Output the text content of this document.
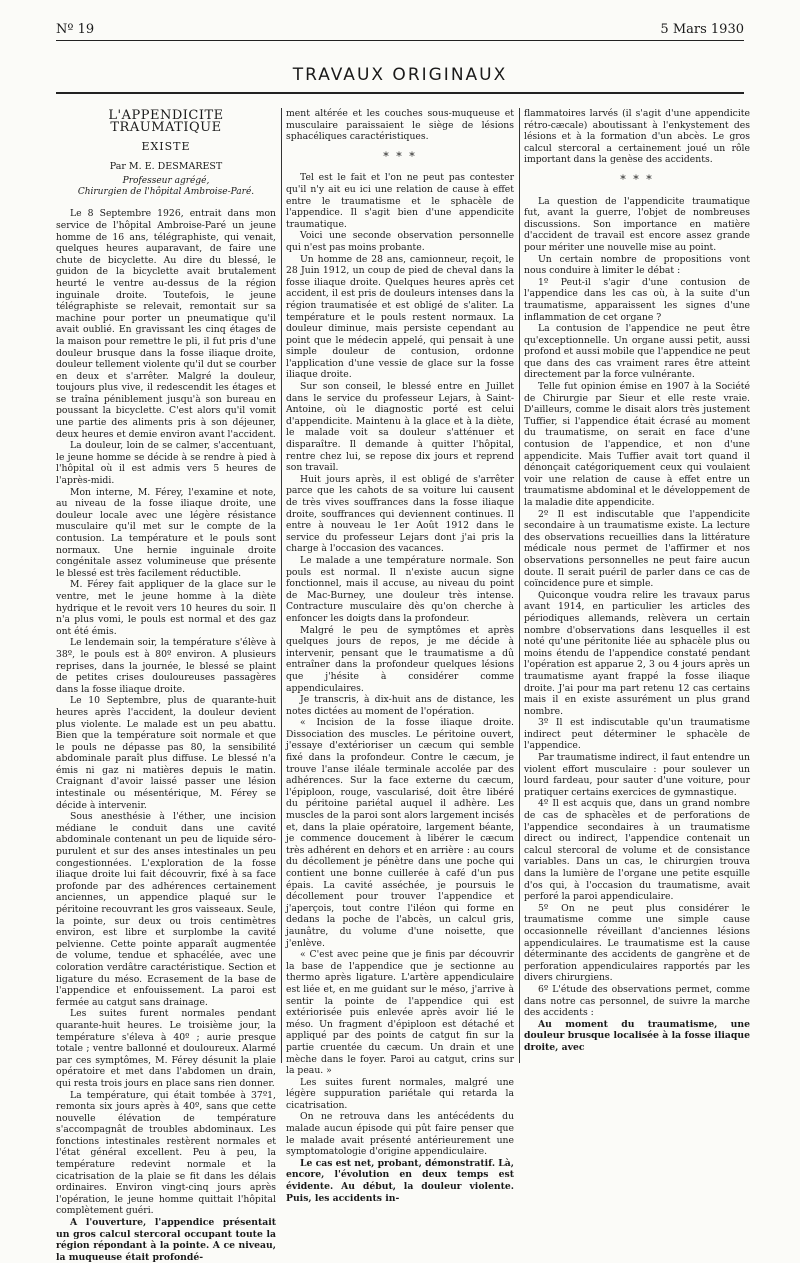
Nº 19	5 Mars 1930
TRAVAUX ORIGINAUX
L'APPENDICITE TRAUMATIQUE
EXISTE
Par M. E. DESMAREST
Professeur agrégé,
Chirurgien de l'hôpital Ambroise-Paré.

Le 8 Septembre 1926, entrait dans mon service de l'hôpital Ambroise-Paré un jeune homme de 16 ans, télégraphiste, qui venait, quelques heures auparavant, de faire une chute de bicyclette. Au dire du blessé, le guidon de la bicyclette avait brutalement heurté le ventre au-dessus de la région inguinale droite. Toutefois, le jeune télégraphiste se relevait, remontait sur sa machine pour porter un pneumatique qu'il avait oublié. En gravissant les cinq étages de la maison pour remettre le pli, il fut pris d'une douleur brusque dans la fosse iliaque droite, douleur tellement violente qu'il dut se courber en deux et s'arrêter. Malgré la douleur, toujours plus vive, il redescendit les étages et se traîna péniblement jusqu'à son bureau en poussant la bicyclette. C'est alors qu'il vomit une partie des aliments pris à son déjeuner, deux heures et demie environ avant l'accident.

La douleur, loin de se calmer, s'accentuant, le jeune homme se décide à se rendre à pied à l'hôpital où il est admis vers 5 heures de l'après-midi.

Mon interne, M. Férey, l'examine et note, au niveau de la fosse iliaque droite, une douleur locale avec une légère résistance musculaire qu'il met sur le compte de la contusion. La température et le pouls sont normaux. Une hernie inguinale droite congénitale assez volumineuse que présente le blessé est très facilement réductible.

M. Férey fait appliquer de la glace sur le ventre, met le jeune homme à la diète hydrique et le revoit vers 10 heures du soir. Il n'a plus vomi, le pouls est normal et des gaz ont été émis.

Le lendemain soir, la température s'élève à 38º, le pouls est à 80º environ. A plusieurs reprises, dans la journée, le blessé se plaint de petites crises douloureuses passagères dans la fosse iliaque droite.

Le 10 Septembre, plus de quarante-huit heures après l'accident, la douleur devient plus violente. Le malade est un peu abattu. Bien que la température soit normale et que le pouls ne dépasse pas 80, la sensibilité abdominale paraît plus diffuse. Le blessé n'a émis ni gaz ni matières depuis le matin. Craignant d'avoir laissé passer une lésion intestinale ou mésentérique, M. Férey se décide à intervenir.

Sous anesthésie à l'éther, une incision médiane le conduit dans une cavité abdominale contenant un peu de liquide séro-purulent et sur des anses intestinales un peu congestionnées. L'exploration de la fosse iliaque droite lui fait découvrir, fixé à sa face profonde par des adhérences certainement anciennes, un appendice plaqué sur le péritoine recouvrant les gros vaisseaux. Seule, la pointe, sur deux ou trois centimètres environ, est libre et surplombe la cavité pelvienne. Cette pointe apparaît augmentée de volume, tendue et sphacélée, avec une coloration verdâtre caractéristique. Section et ligature du méso. Ecrasement de la base de l'appendice et enfouissement. La paroi est fermée au catgut sans drainage.

Les suites furent normales pendant quarante-huit heures. Le troisième jour, la température s'éleva à 40º ; aurie presque totale ; ventre ballonné et douloureux. Alarmé par ces symptômes, M. Férey désunit la plaie opératoire et met dans l'abdomen un drain, qui resta trois jours en place sans rien donner.

La température, qui était tombée à 37º1, remonta six jours après à 40º, sans que cette nouvelle élévation de température s'accompagnât de troubles abdominaux. Les fonctions intestinales restèrent normales et l'état général excellent. Peu à peu, la température redevint normale et la cicatrisation de la plaie se fit dans les délais ordinaires. Environ vingt-cinq jours après l'opération, le jeune homme quittait l'hôpital complètement guéri.

A l'ouverture, l'appendice présentait un gros calcul stercoral occupant toute la région répondant à la pointe. A ce niveau, la muqueuse était profondé-

ment altérée et les couches sous-muqueuse et musculaire paraissaient le siège de lésions sphacéliques caractéristiques.

* * *

Tel est le fait et l'on ne peut pas contester qu'il n'y ait eu ici une relation de cause à effet entre le traumatisme et le sphacèle de l'appendice. Il s'agit bien d'une appendicite traumatique.

Voici une seconde observation personnelle qui n'est pas moins probante.

Un homme de 28 ans, camionneur, reçoit, le 28 Juin 1912, un coup de pied de cheval dans la fosse iliaque droite. Quelques heures après cet accident, il est pris de douleurs intenses dans la région traumatisée et est obligé de s'aliter. La température et le pouls restent normaux. La douleur diminue, mais persiste cependant au point que le médecin appelé, qui pensait à une simple douleur de contusion, ordonne l'application d'une vessie de glace sur la fosse iliaque droite.

Sur son conseil, le blessé entre en Juillet dans le service du professeur Lejars, à Saint-Antoine, où le diagnostic porté est celui d'appendicite. Maintenu à la glace et à la diète, le malade voit sa douleur s'atténuer et disparaître. Il demande à quitter l'hôpital, rentre chez lui, se repose dix jours et reprend son travail.

Huit jours après, il est obligé de s'arrêter parce que les cahots de sa voiture lui causent de très vives souffrances dans la fosse iliaque droite, souffrances qui deviennent continues. Il entre à nouveau le 1er Août 1912 dans le service du professeur Lejars dont j'ai pris la charge à l'occasion des vacances.

Le malade a une température normale. Son pouls est normal. Il n'existe aucun signe fonctionnel, mais il accuse, au niveau du point de Mac-Burney, une douleur très intense. Contracture musculaire dès qu'on cherche à enfoncer les doigts dans la profondeur.

Malgré le peu de symptômes et après quelques jours de repos, je me décide à intervenir, pensant que le traumatisme a dû entraîner dans la profondeur quelques lésions que j'hésite à considérer comme appendiculaires.

Je transcris, à dix-huit ans de distance, les notes dictées au moment de l'opération.

« Incision de la fosse iliaque droite. Dissociation des muscles. Le péritoine ouvert, j'essaye d'extérioriser un cæcum qui semble fixé dans la profondeur. Contre le cæcum, je trouve l'anse iléale terminale accolée par des adhérences. Sur la face externe du cæcum, l'épiploon, rouge, vascularisé, doit être libéré du péritoine pariétal auquel il adhère. Les muscles de la paroi sont alors largement incisés et, dans la plaie opératoire, largement béante, je commence doucement à libérer le cæcum très adhérent en dehors et en arrière : au cours du décollement je pénètre dans une poche qui contient une bonne cuillerée à café d'un pus épais. La cavité asséchée, je poursuis le décollement pour trouver l'appendice et j'aperçois, tout contre l'iléon qui forme en dedans la poche de l'abcès, un calcul gris, jaunâtre, du volume d'une noisette, que j'enlève.

« C'est avec peine que je finis par découvrir la base de l'appendice que je sectionne au thermo après ligature. L'artère appendiculaire est liée et, en me guidant sur le méso, j'arrive à sentir la pointe de l'appendice qui est extériorisée puis enlevée après avoir lié le méso. Un fragment d'épiploon est détaché et appliqué par des points de catgut fin sur la partie cruentée du cæcum. Un drain et une mèche dans le foyer. Paroi au catgut, crins sur la peau. »

Les suites furent normales, malgré une légère suppuration pariétale qui retarda la cicatrisation.

On ne retrouva dans les antécédents du malade aucun épisode qui pût faire penser que le malade avait présenté antérieurement une symptomatologie d'origine appendiculaire.

Le cas est net, probant, démonstratif. Là, encore, l'évolution en deux temps est évidente. Au début, la douleur violente. Puis, les accidents in-

flammatoires larvés (il s'agit d'une appendicite rétro-cæcale) aboutissant à l'enkystement des lésions et à la formation d'un abcès. Le gros calcul stercoral a certainement joué un rôle important dans la genèse des accidents.

* * *

La question de l'appendicite traumatique fut, avant la guerre, l'objet de nombreuses discussions. Son importance en matière d'accident de travail est encore assez grande pour mériter une nouvelle mise au point.

Un certain nombre de propositions vont nous conduire à limiter le débat :

1º Peut-il s'agir d'une contusion de l'appendice dans les cas où, à la suite d'un traumatisme, apparaissent les signes d'une inflammation de cet organe ?

La contusion de l'appendice ne peut être qu'exceptionnelle. Un organe aussi petit, aussi profond et aussi mobile que l'appendice ne peut que dans des cas vraiment rares être atteint directement par la force vulnérante.

Telle fut opinion émise en 1907 à la Société de Chirurgie par Sieur et elle reste vraie. D'ailleurs, comme le disait alors très justement Tuffier, si l'appendice était écrasé au moment du traumatisme, on serait en face d'une contusion de l'appendice, et non d'une appendicite. Mais Tuffier avait tort quand il dénonçait catégoriquement ceux qui voulaient voir une relation de cause à effet entre un traumatisme abdominal et le développement de la maladie dite appendicite.

2º Il est indiscutable que l'appendicite secondaire à un traumatisme existe. La lecture des observations recueillies dans la littérature médicale nous permet de l'affirmer et nos observations personnelles ne peut faire aucun doute. Il serait puéril de parler dans ce cas de coïncidence pure et simple.

Quiconque voudra relire les travaux parus avant 1914, en particulier les articles des périodiques allemands, relèvera un certain nombre d'observations dans lesquelles il est noté qu'une péritonite liée au sphacèle plus ou moins étendu de l'appendice constaté pendant l'opération est apparue 2, 3 ou 4 jours après un traumatisme ayant frappé la fosse iliaque droite. J'ai pour ma part retenu 12 cas certains mais il en existe assurément un plus grand nombre.

3º Il est indiscutable qu'un traumatisme indirect peut déterminer le sphacèle de l'appendice.

Par traumatisme indirect, il faut entendre un violent effort musculaire : pour soulever un lourd fardeau, pour sauter d'une voiture, pour pratiquer certains exercices de gymnastique.

4º Il est acquis que, dans un grand nombre de cas de sphacèles et de perforations de l'appendice secondaires à un traumatisme direct ou indirect, l'appendice contenait un calcul stercoral de volume et de consistance variables. Dans un cas, le chirurgien trouva dans la lumière de l'organe une petite esquille d'os qui, à l'occasion du traumatisme, avait perforé la paroi appendiculaire.

5º On ne peut plus considérer le traumatisme comme une simple cause occasionnelle réveillant d'anciennes lésions appendiculaires. Le traumatisme est la cause déterminante des accidents de gangrène et de perforation appendiculaires rapportés par les divers chirurgiens.

6º L'étude des observations permet, comme dans notre cas personnel, de suivre la marche des accidents :

Au moment du traumatisme, une douleur brusque localisée à la fosse iliaque droite, avec
